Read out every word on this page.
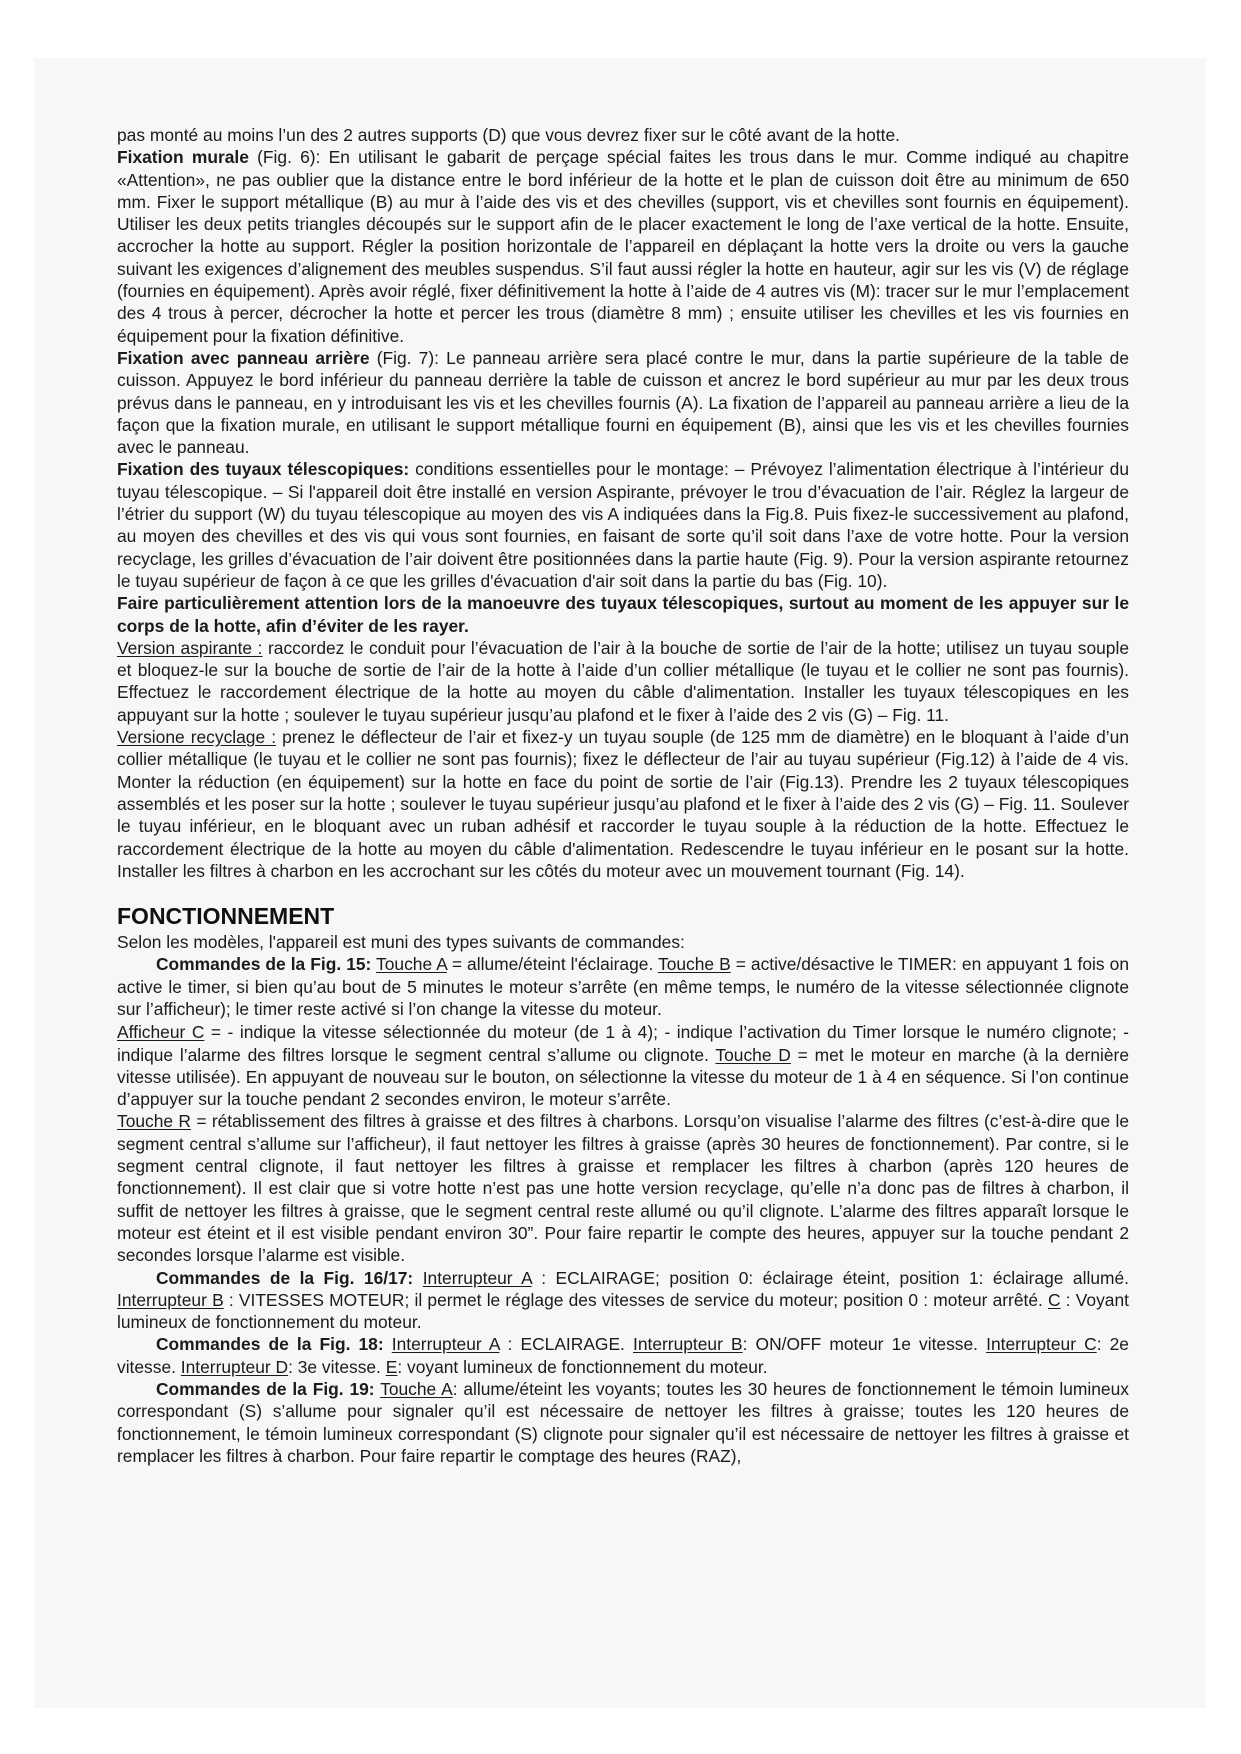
pas monté au moins l’un des 2 autres supports (D) que vous devrez fixer sur le côté avant de la hotte.

Fixation murale (Fig. 6): En utilisant le gabarit de perçage spécial faites les trous dans le mur. Comme indiqué au chapitre «Attention», ne pas oublier que la distance entre le bord inférieur de la hotte et le plan de cuisson doit être au minimum de 650 mm. Fixer le support métallique (B) au mur à l’aide des vis et des chevilles (support, vis et chevilles sont fournis en équipement). Utiliser les deux petits triangles découpés sur le support afin de le placer exactement le long de l’axe vertical de la hotte. Ensuite, accrocher la hotte au support. Régler la position horizontale de l’appareil en déplaçant la hotte vers la droite ou vers la gauche suivant les exigences d’alignement des meubles suspendus. S’il faut aussi régler la hotte en hauteur, agir sur les vis (V) de réglage (fournies en équipement). Après avoir réglé, fixer définitivement la hotte à l’aide de 4 autres vis (M): tracer sur le mur l’emplacement des 4 trous à percer, décrocher la hotte et percer les trous (diamètre 8 mm) ; ensuite utiliser les chevilles et les vis fournies en équipement pour la fixation définitive.

Fixation avec panneau arrière (Fig. 7): Le panneau arrière sera placé contre le mur, dans la partie supérieure de la table de cuisson. Appuyez le bord inférieur du panneau derrière la table de cuisson et ancrez le bord supérieur au mur par les deux trous prévus dans le panneau, en y introduisant les vis et les chevilles fournis (A). La fixation de l’appareil au panneau arrière a lieu de la façon que la fixation murale, en utilisant le support métallique fourni en équipement (B), ainsi que les vis et les chevilles fournies avec le panneau.

Fixation des tuyaux télescopiques: conditions essentielles pour le montage: – Prévoyez l’alimentation électrique à l’intérieur du tuyau télescopique. – Si l'appareil doit être installé en version Aspirante, prévoyer le trou d’évacuation de l’air. Réglez la largeur de l’étrier du support (W) du tuyau télescopique au moyen des vis A indiquées dans la Fig.8. Puis fixez-le successivement au plafond, au moyen des chevilles et des vis qui vous sont fournies, en faisant de sorte qu’il soit dans l’axe de votre hotte. Pour la version recyclage, les grilles d’évacuation de l’air doivent être positionnées dans la partie haute (Fig. 9). Pour la version aspirante retournez le tuyau supérieur de façon à ce que les grilles d'évacuation d'air soit dans la partie du bas (Fig. 10).

Faire particulièrement attention lors de la manoeuvre des tuyaux télescopiques, surtout au moment de les appuyer sur le corps de la hotte, afin d’éviter de les rayer.

Version aspirante : raccordez le conduit pour l’évacuation de l’air à la bouche de sortie de l’air de la hotte; utilisez un tuyau souple et bloquez-le sur la bouche de sortie de l’air de la hotte à l’aide d’un collier métallique (le tuyau et le collier ne sont pas fournis). Effectuez le raccordement électrique de la hotte au moyen du câble d'alimentation. Installer les tuyaux télescopiques en les appuyant sur la hotte ; soulever le tuyau supérieur jusqu’au plafond et le fixer à l’aide des 2 vis (G) – Fig. 11.

Versione recyclage : prenez le déflecteur de l’air et fixez-y un tuyau souple (de 125 mm de diamètre) en le bloquant à l’aide d’un collier métallique (le tuyau et le collier ne sont pas fournis); fixez le déflecteur de l’air au tuyau supérieur (Fig.12) à l’aide de 4 vis. Monter la réduction (en équipement) sur la hotte en face du point de sortie de l’air (Fig.13). Prendre les 2 tuyaux télescopiques assemblés et les poser sur la hotte ; soulever le tuyau supérieur jusqu’au plafond et le fixer à l’aide des 2 vis (G) – Fig. 11. Soulever le tuyau inférieur, en le bloquant avec un ruban adhésif et raccorder le tuyau souple à la réduction de la hotte. Effectuez le raccordement électrique de la hotte au moyen du câble d'alimentation. Redescendre le tuyau inférieur en le posant sur la hotte. Installer les filtres à charbon en les accrochant sur les côtés du moteur avec un mouvement tournant (Fig. 14).

FONCTIONNEMENT

Selon les modèles, l'appareil est muni des types suivants de commandes:

Commandes de la Fig. 15: Touche A = allume/éteint l'éclairage. Touche B = active/désactive le TIMER: en appuyant 1 fois on active le timer, si bien qu’au bout de 5 minutes le moteur s’arrête (en même temps, le numéro de la vitesse sélectionnée clignote sur l’afficheur); le timer reste activé si l’on change la vitesse du moteur.

Afficheur C = - indique la vitesse sélectionnée du moteur (de 1 à 4); - indique l’activation du Timer lorsque le numéro clignote; - indique l’alarme des filtres lorsque le segment central s’allume ou clignote. Touche D = met le moteur en marche (à la dernière vitesse utilisée). En appuyant de nouveau sur le bouton, on sélectionne la vitesse du moteur de 1 à 4 en séquence. Si l’on continue d’appuyer sur la touche pendant 2 secondes environ, le moteur s’arrête.

Touche R = rétablissement des filtres à graisse et des filtres à charbons. Lorsqu’on visualise l’alarme des filtres (c’est-à-dire que le segment central s’allume sur l’afficheur), il faut nettoyer les filtres à graisse (après 30 heures de fonctionnement). Par contre, si le segment central clignote, il faut nettoyer les filtres à graisse et remplacer les filtres à charbon (après 120 heures de fonctionnement). Il est clair que si votre hotte n’est pas une hotte version recyclage, qu’elle n’a donc pas de filtres à charbon, il suffit de nettoyer les filtres à graisse, que le segment central reste allumé ou qu’il clignote. L’alarme des filtres apparaît lorsque le moteur est éteint et il est visible pendant environ 30”. Pour faire repartir le compte des heures, appuyer sur la touche pendant 2 secondes lorsque l’alarme est visible.

Commandes de la Fig. 16/17: Interrupteur A : ECLAIRAGE; position 0: éclairage éteint, position 1: éclairage allumé. Interrupteur B : VITESSES MOTEUR; il permet le réglage des vitesses de service du moteur; position 0 : moteur arrêté. C : Voyant lumineux de fonctionnement du moteur.

Commandes de la Fig. 18: Interrupteur A : ECLAIRAGE. Interrupteur B: ON/OFF moteur 1e vitesse. Interrupteur C: 2e vitesse. Interrupteur D: 3e vitesse. E: voyant lumineux de fonctionnement du moteur.

Commandes de la Fig. 19: Touche A: allume/éteint les voyants; toutes les 30 heures de fonctionnement le témoin lumineux correspondant (S) s’allume pour signaler qu’il est nécessaire de nettoyer les filtres à graisse; toutes les 120 heures de fonctionnement, le témoin lumineux correspondant (S) clignote pour signaler qu’il est nécessaire de nettoyer les filtres à graisse et remplacer les filtres à charbon. Pour faire repartir le comptage des heures (RAZ),
